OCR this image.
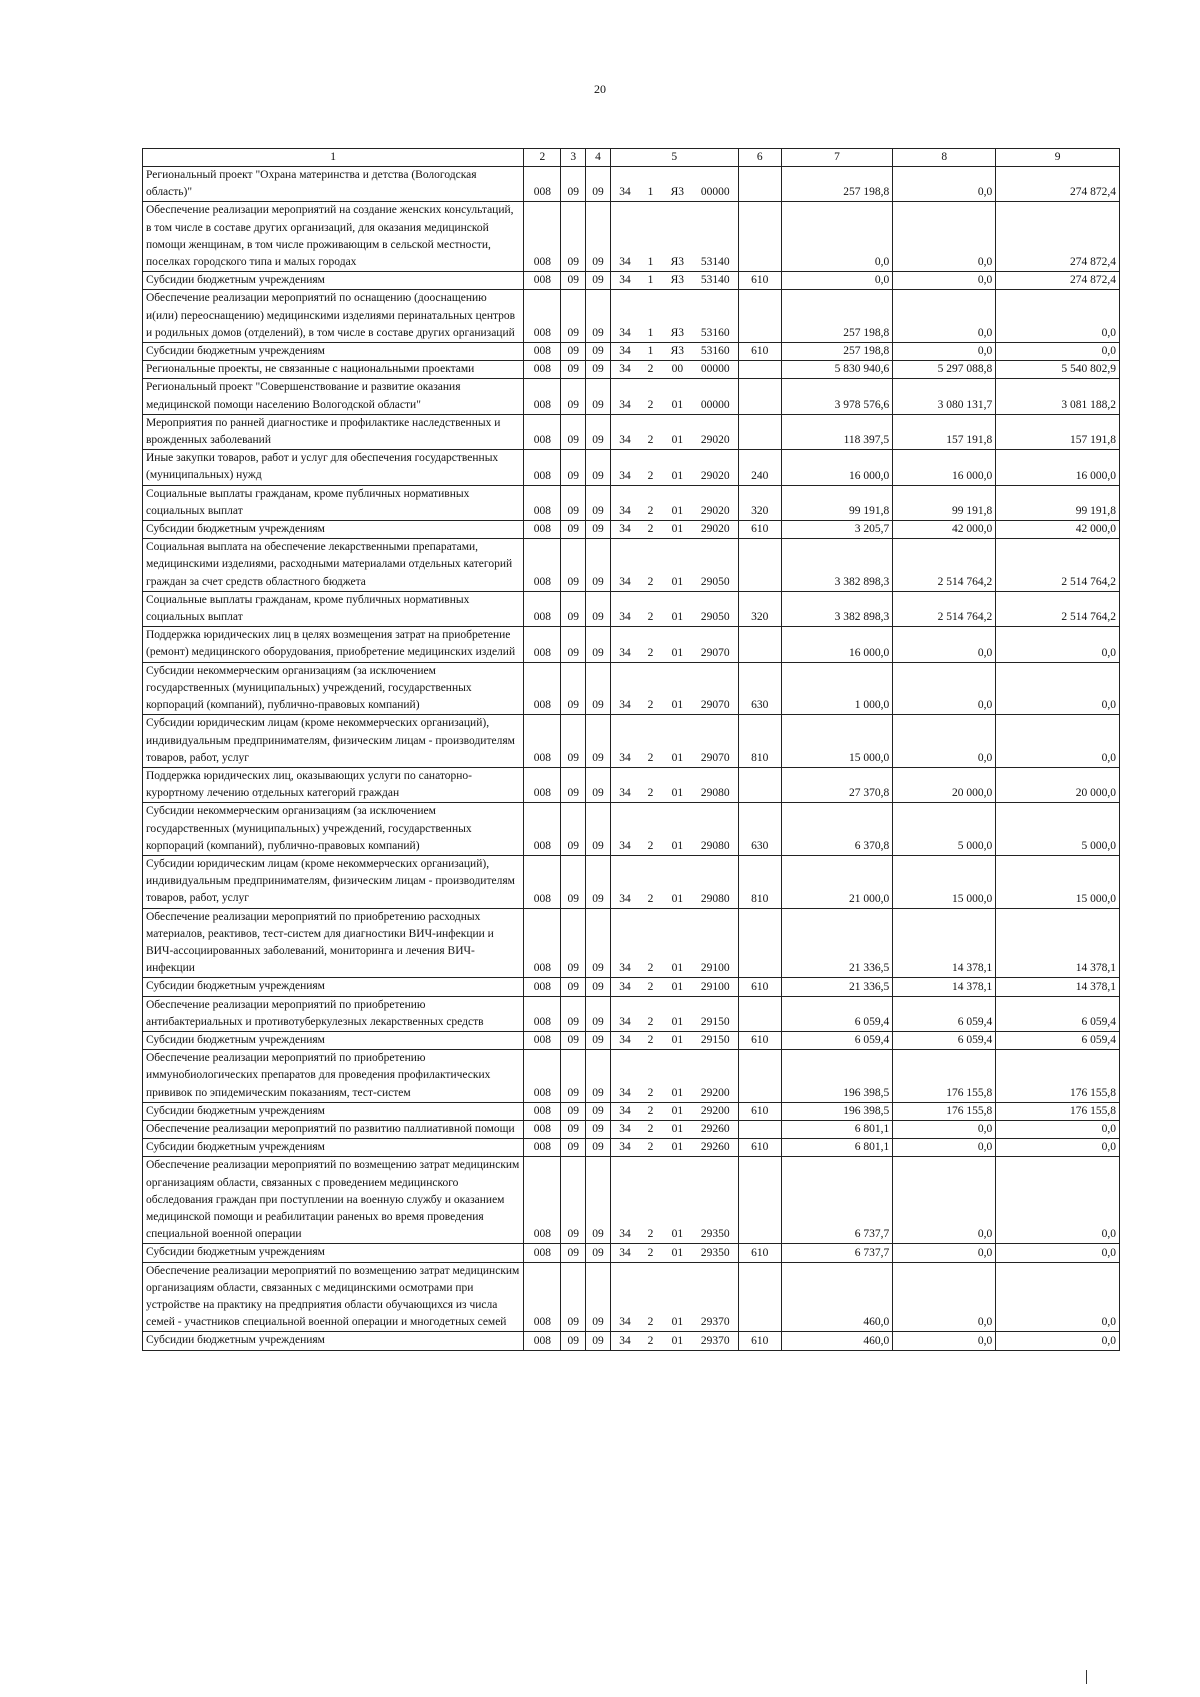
20
1	2	3	4	5				6	7	8	9
Региональный проект "Охрана материнства и детства (Вологодская область)"	008	09	09	34	1	Я3	00000		257 198,8	0,0	274 872,4
Обеспечение реализации мероприятий на создание женских консультаций, в том числе в составе других организаций, для оказания медицинской помощи женщинам, в том числе проживающим в сельской местности, поселках городского типа и малых городах	008	09	09	34	1	Я3	53140		0,0	0,0	274 872,4
Субсидии бюджетным учреждениям	008	09	09	34	1	Я3	53140	610	0,0	0,0	274 872,4
Обеспечение реализации мероприятий по оснащению (дооснащению и(или) переоснащению) медицинскими изделиями перинатальных центров и родильных домов (отделений), в том числе в составе других организаций	008	09	09	34	1	Я3	53160		257 198,8	0,0	0,0
Субсидии бюджетным учреждениям	008	09	09	34	1	Я3	53160	610	257 198,8	0,0	0,0
Региональные проекты, не связанные с национальными проектами	008	09	09	34	2	00	00000		5 830 940,6	5 297 088,8	5 540 802,9
Региональный проект "Совершенствование и развитие оказания медицинской помощи населению Вологодской области"	008	09	09	34	2	01	00000		3 978 576,6	3 080 131,7	3 081 188,2
Мероприятия по ранней диагностике и профилактике наследственных и врожденных заболеваний	008	09	09	34	2	01	29020		118 397,5	157 191,8	157 191,8
Иные закупки товаров, работ и услуг для обеспечения государственных (муниципальных) нужд	008	09	09	34	2	01	29020	240	16 000,0	16 000,0	16 000,0
Социальные выплаты гражданам, кроме публичных нормативных социальных выплат	008	09	09	34	2	01	29020	320	99 191,8	99 191,8	99 191,8
Субсидии бюджетным учреждениям	008	09	09	34	2	01	29020	610	3 205,7	42 000,0	42 000,0
Социальная выплата на обеспечение лекарственными препаратами, медицинскими изделиями, расходными материалами отдельных категорий граждан за счет средств областного бюджета	008	09	09	34	2	01	29050		3 382 898,3	2 514 764,2	2 514 764,2
Социальные выплаты гражданам, кроме публичных нормативных социальных выплат	008	09	09	34	2	01	29050	320	3 382 898,3	2 514 764,2	2 514 764,2
Поддержка юридических лиц в целях возмещения затрат на приобретение (ремонт) медицинского оборудования, приобретение медицинских изделий	008	09	09	34	2	01	29070		16 000,0	0,0	0,0
Субсидии некоммерческим организациям (за исключением государственных (муниципальных) учреждений, государственных корпораций (компаний), публично-правовых компаний)	008	09	09	34	2	01	29070	630	1 000,0	0,0	0,0
Субсидии юридическим лицам (кроме некоммерческих организаций), индивидуальным предпринимателям, физическим лицам - производителям товаров, работ, услуг	008	09	09	34	2	01	29070	810	15 000,0	0,0	0,0
Поддержка юридических лиц, оказывающих услуги по санаторно-курортному лечению отдельных категорий граждан	008	09	09	34	2	01	29080		27 370,8	20 000,0	20 000,0
Субсидии некоммерческим организациям (за исключением государственных (муниципальных) учреждений, государственных корпораций (компаний), публично-правовых компаний)	008	09	09	34	2	01	29080	630	6 370,8	5 000,0	5 000,0
Субсидии юридическим лицам (кроме некоммерческих организаций), индивидуальным предпринимателям, физическим лицам - производителям товаров, работ, услуг	008	09	09	34	2	01	29080	810	21 000,0	15 000,0	15 000,0
Обеспечение реализации мероприятий по приобретению расходных материалов, реактивов, тест-систем для диагностики ВИЧ-инфекции и ВИЧ-ассоциированных заболеваний, мониторинга и лечения ВИЧ-инфекции	008	09	09	34	2	01	29100		21 336,5	14 378,1	14 378,1
Субсидии бюджетным учреждениям	008	09	09	34	2	01	29100	610	21 336,5	14 378,1	14 378,1
Обеспечение реализации мероприятий по приобретению антибактериальных и противотуберкулезных лекарственных средств	008	09	09	34	2	01	29150		6 059,4	6 059,4	6 059,4
Субсидии бюджетным учреждениям	008	09	09	34	2	01	29150	610	6 059,4	6 059,4	6 059,4
Обеспечение реализации мероприятий по приобретению иммунобиологических препаратов для проведения профилактических прививок по эпидемическим показаниям, тест-систем	008	09	09	34	2	01	29200		196 398,5	176 155,8	176 155,8
Субсидии бюджетным учреждениям	008	09	09	34	2	01	29200	610	196 398,5	176 155,8	176 155,8
Обеспечение реализации мероприятий по развитию паллиативной помощи	008	09	09	34	2	01	29260		6 801,1	0,0	0,0
Субсидии бюджетным учреждениям	008	09	09	34	2	01	29260	610	6 801,1	0,0	0,0
Обеспечение реализации мероприятий по возмещению затрат медицинским организациям области, связанных с проведением медицинского обследования граждан при поступлении на военную службу и оказанием медицинской помощи и реабилитации раненых во время проведения специальной военной операции	008	09	09	34	2	01	29350		6 737,7	0,0	0,0
Субсидии бюджетным учреждениям	008	09	09	34	2	01	29350	610	6 737,7	0,0	0,0
Обеспечение реализации мероприятий по возмещению затрат медицинским организациям области, связанных с медицинскими осмотрами при устройстве на практику на предприятия области обучающихся из числа семей - участников специальной военной операции и многодетных семей	008	09	09	34	2	01	29370		460,0	0,0	0,0
Субсидии бюджетным учреждениям	008	09	09	34	2	01	29370	610	460,0	0,0	0,0
